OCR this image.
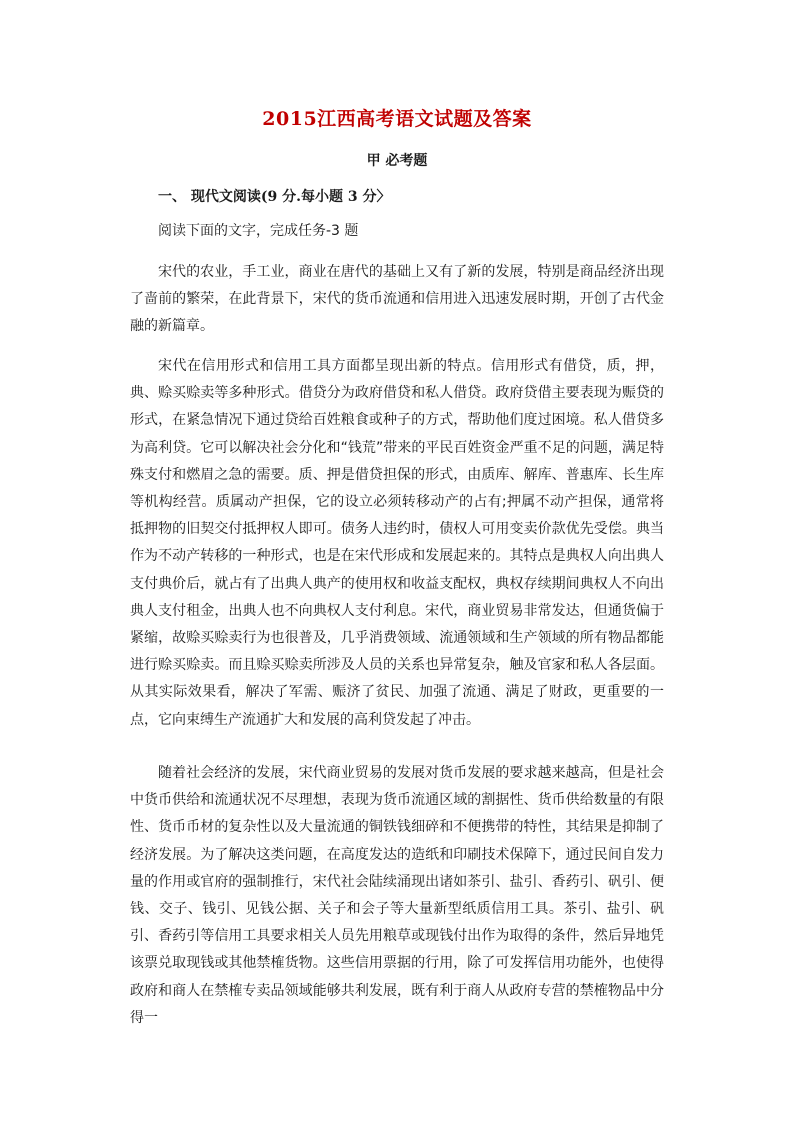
2015江西高考语文试题及答案
甲 必考题
一、 现代文阅读(9 分.每小题 3 分〉

阅读下面的文字，完成任务-3 题

宋代的农业，手工业，商业在唐代的基础上又有了新的发展，特别是商品经济出现了啬前的繁荣，在此背景下，宋代的货币流通和信用进入迅速发展时期，开创了古代金融的新篇章。

宋代在信用形式和信用工具方面都呈现出新的特点。信用形式有借贷，质，押，典、赊买赊卖等多种形式。借贷分为政府借贷和私人借贷。政府贷借主要表现为赈贷的形式，在紧急情况下通过贷给百姓粮食或种子的方式，帮助他们度过困境。私人借贷多为高利贷。它可以解决社会分化和“钱荒”带来的平民百姓资金严重不足的问题，满足特殊支付和燃眉之急的需要。质、押是借贷担保的形式，由质库、解库、普惠库、长生库等机构经营。质属动产担保，它的设立必须转移动产的占有;押属不动产担保，通常将抵押物的旧契交付抵押权人即可。债务人违约时，债权人可用变卖价款优先受偿。典当作为不动产转移的一种形式，也是在宋代形成和发展起来的。其特点是典权人向出典人支付典价后，就占有了出典人典产的使用权和收益支配权，典权存续期间典权人不向出典人支付租金，出典人也不向典权人支付利息。宋代，商业贸易非常发达，但通货偏于紧缩，故赊买赊卖行为也很普及，几乎消费领域、流通领域和生产领域的所有物品都能进行赊买赊卖。而且赊买赊卖所涉及人员的关系也异常复杂，触及官家和私人各层面。从其实际效果看，解决了军需、赈济了贫民、加强了流通、满足了财政，更重要的一点，它向束缚生产流通扩大和发展的高利贷发起了冲击。

随着社会经济的发展，宋代商业贸易的发展对货币发展的要求越来越高，但是社会中货币供给和流通状况不尽理想，表现为货币流通区域的割据性、货币供给数量的有限性、货币币材的复杂性以及大量流通的铜铁钱细碎和不便携带的特性，其结果是抑制了经济发展。为了解决这类问题，在高度发达的造纸和印刷技术保障下，通过民间自发力量的作用或官府的强制推行，宋代社会陆续涌现出诸如茶引、盐引、香药引、矾引、便钱、交子、钱引、见钱公据、关子和会子等大量新型纸质信用工具。茶引、盐引、矾引、香药引等信用工具要求相关人员先用粮草或现钱付出作为取得的条件，然后异地凭该票兑取现钱或其他禁榷货物。这些信用票据的行用，除了可发挥信用功能外，也使得政府和商人在禁榷专卖品领域能够共利发展，既有利于商人从政府专营的禁榷物品中分得一
